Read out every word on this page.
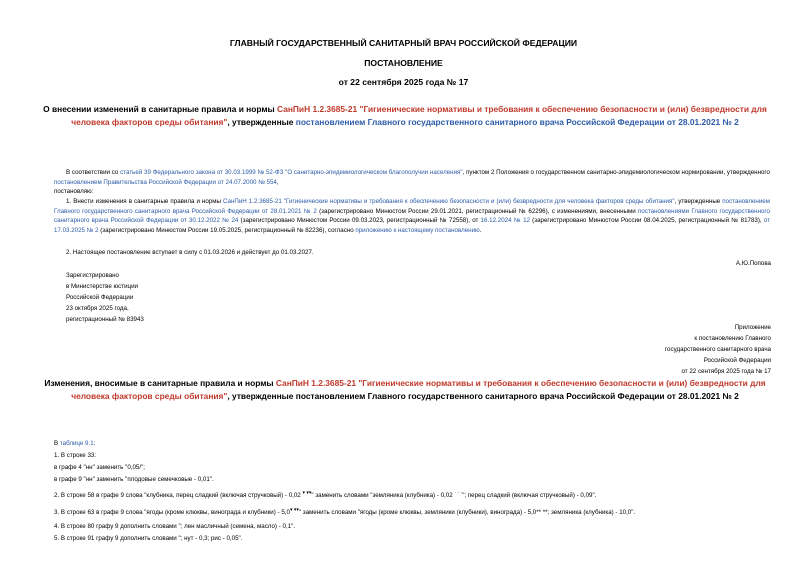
ГЛАВНЫЙ ГОСУДАРСТВЕННЫЙ САНИТАРНЫЙ ВРАЧ РОССИЙСКОЙ ФЕДЕРАЦИИ
ПОСТАНОВЛЕНИЕ
от 22 сентября 2025 года № 17
О внесении изменений в санитарные правила и нормы СанПиН 1.2.3685-21 "Гигиенические нормативы и требования к обеспечению безопасности и (или) безвредности для человека факторов среды обитания", утвержденные постановлением Главного государственного санитарного врача Российской Федерации от 28.01.2021 № 2
В соответствии со статьей 39 Федерального закона от 30.03.1999 № 52-ФЗ "О санитарно-эпидемиологическом благополучии населения", пунктом 2 Положения о государственном санитарно-эпидемиологическом нормировании, утвержденного постановлением Правительства Российской Федерации от 24.07.2000 № 554,
постановляю:
1. Внести изменения в санитарные правила и нормы СанПиН 1.2.3685-21 "Гигиенические нормативы и требования к обеспечению безопасности и (или) безвредности для человека факторов среды обитания", утвержденные постановлением Главного государственного санитарного врача Российской Федерации от 28.01.2021 № 2 (зарегистрировано Минюстом России 29.01.2021, регистрационный № 62296), с изменениями, внесенными постановлениями Главного государственного санитарного врача Российской Федерации от 30.12.2022 № 24 (зарегистрировано Минюстом России 09.03.2023, регистрационный № 72558), от 16.12.2024 № 12 (зарегистрировано Минюстом России 08.04.2025, регистрационный № 81783), от 17.03.2025 № 2 (зарегистрировано Минюстом России 19.05.2025, регистрационный № 82236), согласно приложению к настоящему постановлению.
2. Настоящее постановление вступает в силу с 01.03.2026 и действует до 01.03.2027.
А.Ю.Попова

Зарегистрировано

в Министерстве юстиции

Российской Федерации

23 октября 2025 года,

регистрационный № 83943

Приложение

к постановлению Главного

государственного санитарного врача

Российской Федерации

от 22 сентября 2025 года № 17

Изменения, вносимые в санитарные правила и нормы СанПиН 1.2.3685-21 "Гигиенические нормативы и требования к обеспечению безопасности и (или) безвредности для человека факторов среды обитания", утвержденные постановлением Главного государственного санитарного врача Российской Федерации от 28.01.2021 № 2

В таблице 9.1:

1. В строке 33:

в графе 4 "нн" заменить "0,05/";

в графе 9 "нн" заменить "плодовые семечковые - 0,01".

2. В строке 58 в графе 9 слова "клубника, перец сладкий (включая стручковый) - 0,02 ▾ ▾▾" заменить словами "земляника (клубника) - 0,02 · · ·"; перец сладкий (включая стручковый) - 0,09".

3. В строке 63 в графе 9 слова "ягоды (кроме клюквы, винограда и клубники) - 5,0▾ ▾▾" заменить словами "ягоды (кроме клюквы, земляники (клубники), винограда) - 5,0** **; земляника (клубника) - 10,0".

4. В строке 80 графу 9 дополнить словами "; лен масличный (семена, масло) - 0,1".

5. В строке 91 графу 9 дополнить словами "; нут - 0,3; рис - 0,05".
